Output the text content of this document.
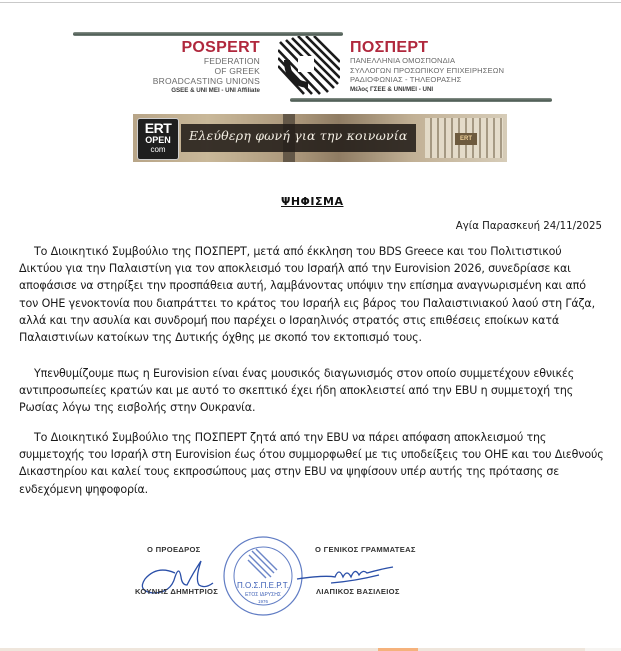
POSPERT
FEDERATION
OF GREEK
BROADCASTING UNIONS
GSEE & UNI MEI - UNI Affiliate
ΠΟΣΠΕΡΤ
ΠΑΝΕΛΛΗΝΙΑ ΟΜΟΣΠΟΝΔΙΑ
ΣΥΛΛΟΓΩΝ ΠΡΟΣΩΠΙΚΟΥ ΕΠΙΧΕΙΡΗΣΕΩΝ
ΡΑΔΙΟΦΩΝΙΑΣ - ΤΗΛΕΟΡΑΣΗΣ
Μέλος ΓΣΕΕ & UNI/MEI - UNI
ERT
ERT
OPEN
com
Ελεύθερη φωνή για την κοινωνία
ΨΗΦΙΣΜΑ
Αγία Παρασκευή 24/11/2025

Το Διοικητικό Συμβούλιο της ΠΟΣΠΕΡΤ, μετά από έκκληση του BDS Greece και του Πολιτιστικού Δικτύου για την Παλαιστίνη για τον αποκλεισμό του Ισραήλ από την Eurovision 2026, συνεδρίασε και αποφάσισε να στηρίξει την προσπάθεια αυτή, λαμβάνοντας υπόψιν την επίσημα αναγνωρισμένη και από τον ΟΗΕ γενοκτονία που διαπράττει το κράτος του Ισραήλ εις βάρος του Παλαιστινιακού λαού στη Γάζα, αλλά και την ασυλία και συνδρομή που παρέχει ο Ισραηλινός στρατός στις επιθέσεις εποίκων κατά Παλαιστινίων κατοίκων της Δυτικής όχθης με σκοπό τον εκτοπισμό τους.

Υπενθυμίζουμε πως η Eurovision είναι ένας μουσικός διαγωνισμός στον οποίο συμμετέχουν εθνικές αντιπροσωπείες κρατών και με αυτό το σκεπτικό έχει ήδη αποκλειστεί από την EBU η συμμετοχή της Ρωσίας λόγω της εισβολής στην Ουκρανία.

Το Διοικητικό Συμβούλιο της ΠΟΣΠΕΡΤ ζητά από την EBU να πάρει απόφαση αποκλεισμού της συμμετοχής του Ισραήλ στη Eurovision έως ότου συμμορφωθεί με τις υποδείξεις του ΟΗΕ και του Διεθνούς Δικαστηρίου και καλεί τους εκπροσώπους μας στην EBU να ψηφίσουν υπέρ αυτής της πρότασης σε ενδεχόμενη ψηφοφορία.

Π.Ο.Σ.Π.Ε.Ρ.Τ.
ΕΤΟΣ ΙΔΡΥΣΗΣ
1976
Ο ΠΡΟΕΔΡΟΣ
ΚΟΥΝΗΣ ΔΗΜΗΤΡΙΟΣ
Ο ΓΕΝΙΚΟΣ ΓΡΑΜΜΑΤΕΑΣ
ΛΙΑΠΙΚΟΣ ΒΑΣΙΛΕΙΟΣ
